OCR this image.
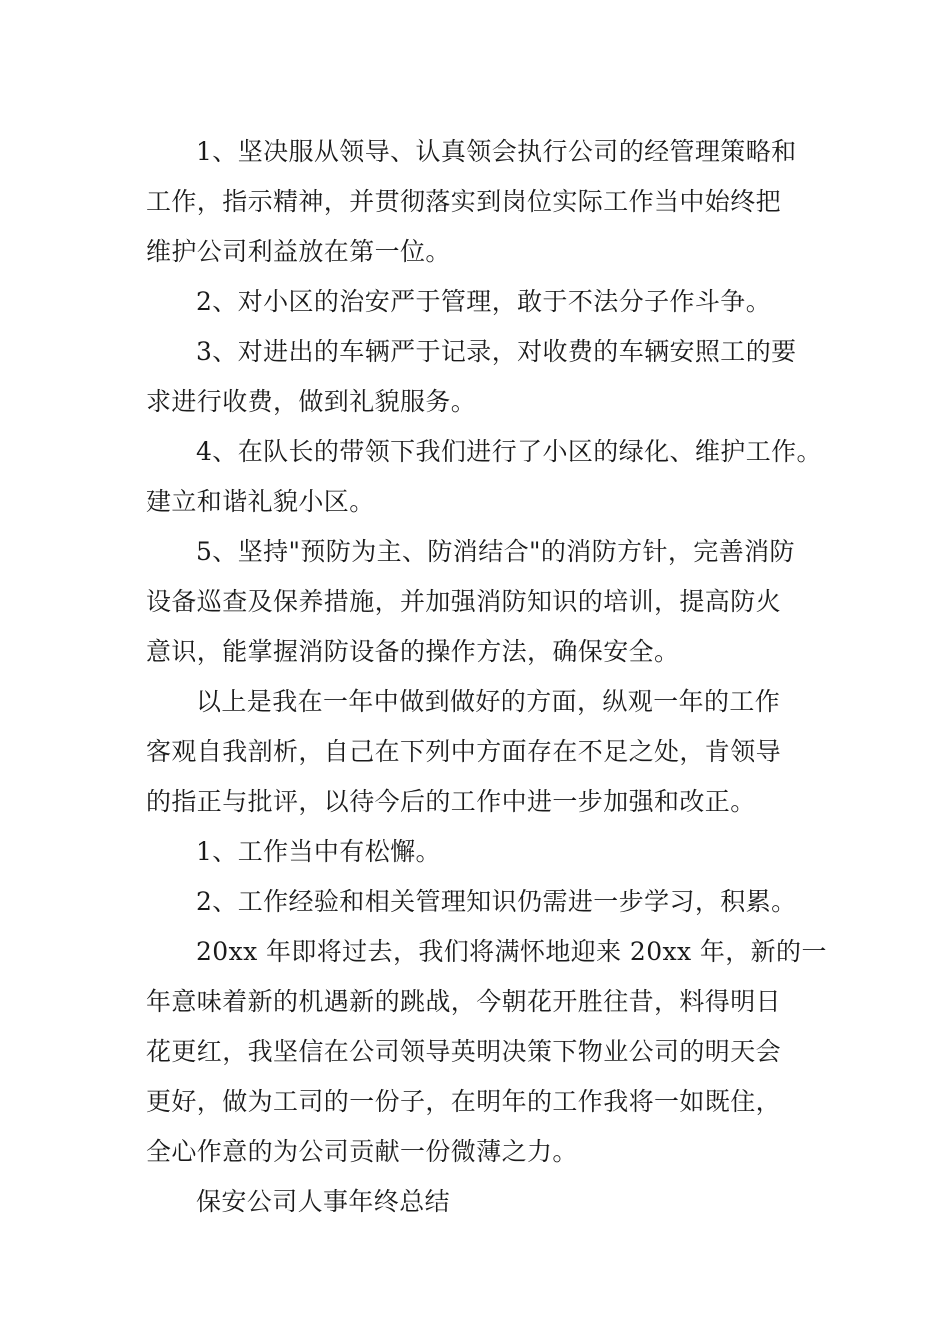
1、坚决服从领导、认真领会执行公司的经管理策略和
工作，指示精神，并贯彻落实到岗位实际工作当中始终把
维护公司利益放在第一位。
2、对小区的治安严于管理，敢于不法分子作斗争。
3、对进出的车辆严于记录，对收费的车辆安照工的要
求进行收费，做到礼貌服务。
4、在队长的带领下我们进行了小区的绿化、维护工作。
建立和谐礼貌小区。
5、坚持"预防为主、防消结合"的消防方针，完善消防
设备巡查及保养措施，并加强消防知识的培训，提高防火
意识，能掌握消防设备的操作方法，确保安全。
以上是我在一年中做到做好的方面，纵观一年的工作
客观自我剖析，自己在下列中方面存在不足之处，肯领导
的指正与批评，以待今后的工作中进一步加强和改正。
1、工作当中有松懈。
2、工作经验和相关管理知识仍需进一步学习，积累。
20xx 年即将过去，我们将满怀地迎来 20xx 年，新的一
年意味着新的机遇新的跳战，今朝花开胜往昔，料得明日
花更红，我坚信在公司领导英明决策下物业公司的明天会
更好，做为工司的一份子，在明年的工作我将一如既住，
全心作意的为公司贡献一份微薄之力。
保安公司人事年终总结
